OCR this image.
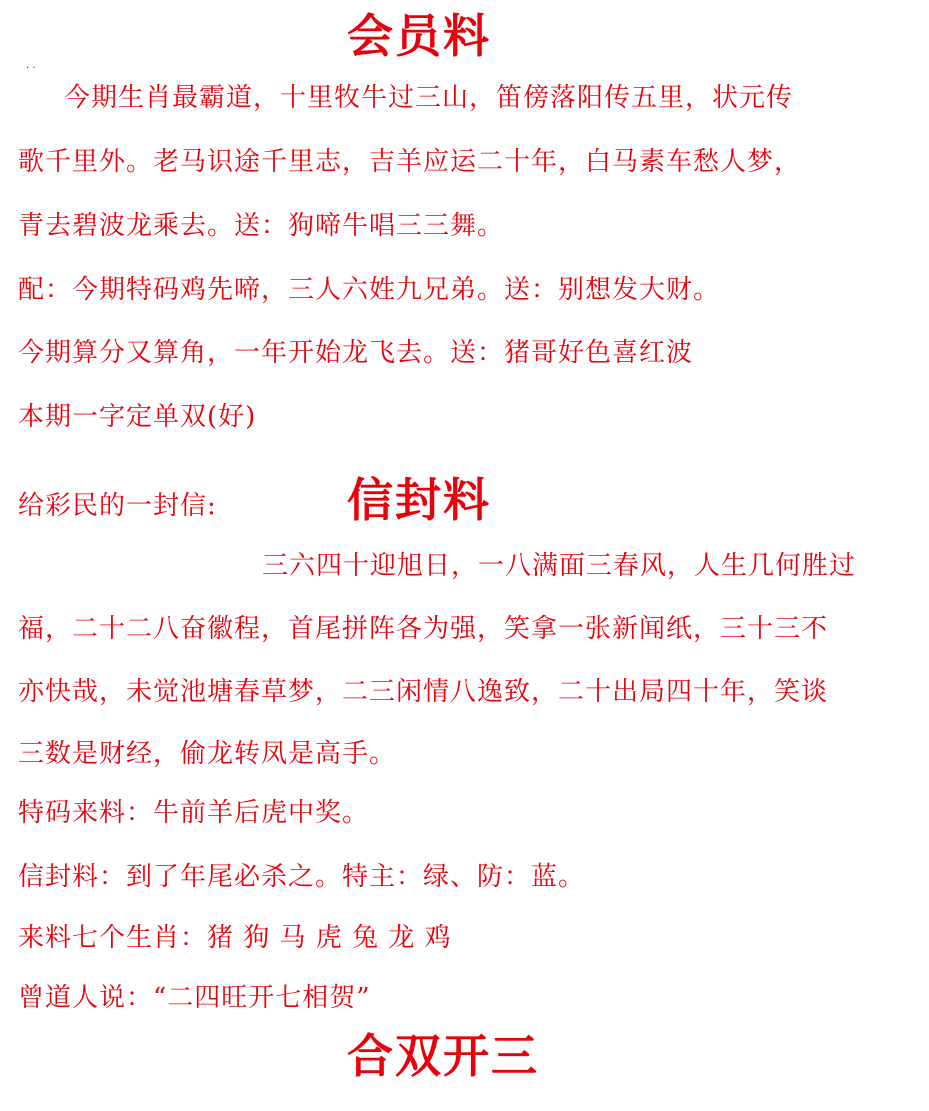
. .
会员料
今期生肖最霸道，十里牧牛过三山，笛傍落阳传五里，状元传
歌千里外。老马识途千里志，吉羊应运二十年，白马素车愁人梦，
青去碧波龙乘去。送：狗啼牛唱三三舞。
配：今期特码鸡先啼，三人六姓九兄弟。送：别想发大财。
今期算分又算角，一年开始龙飞去。送：猪哥好色喜红波
本期一字定单双(好)
给彩民的一封信:	信封料
三六四十迎旭日，一八满面三春风，人生几何胜过
福，二十二八奋徽程，首尾拼阵各为强，笑拿一张新闻纸，三十三不
亦快哉，未觉池塘春草梦，二三闲情八逸致，二十出局四十年，笑谈
三数是财经，偷龙转凤是高手。
特码来料：牛前羊后虎中奖。
信封料：到了年尾必杀之。特主：绿、防：蓝。
来料七个生肖：猪 狗 马 虎 兔 龙 鸡
曾道人说：“二四旺开七相贺”
合双开三
